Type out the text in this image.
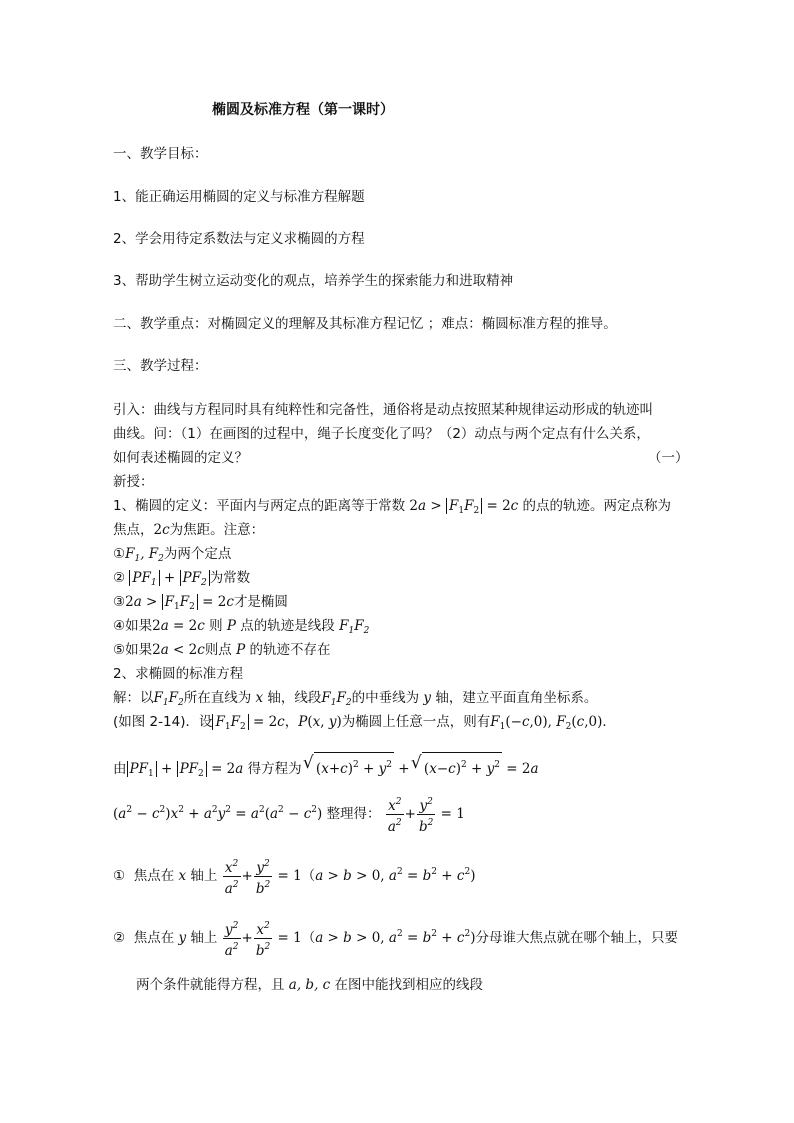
椭圆及标准方程（第一课时）
一、教学目标：
1、能正确运用椭圆的定义与标准方程解题
2、学会用待定系数法与定义求椭圆的方程
3、帮助学生树立运动变化的观点，培养学生的探索能力和进取精神
二、教学重点：对椭圆定义的理解及其标准方程记忆 ；难点：椭圆标准方程的推导。
三、教学过程：
引入：曲线与方程同时具有纯粹性和完备性，通俗将是动点按照某种规律运动形成的轨迹叫
曲线。问：（1）在画图的过程中，绳子长度变化了吗？（2）动点与两个定点有什么关系，
如何表述椭圆的定义？	（一）
新授：
1、椭圆的定义：平面内与两定点的距离等于常数 $2a > F_1F_2 = 2c$ 的点的轨迹。两定点称为
焦点，2c为焦距。注意：
$①F_1$, $F_2$为两个定点
② $PF_1 + PF_2$ 为常数
③2a > $F_1F_2 = 2c$才是椭圆
④如果2a = 2c 则 P 点的轨迹是线段 $F_1F_2$
⑤如果2a < 2c则点 P 的轨迹不存在
2、求椭圆的标准方程
解：以$F_1F_2$所在直线为 x 轴，线段$F_1F_2$的中垂线为 y 轴，建立平面直角坐标系。
(如图 2-14)．设 $F_1F_2 = 2c$，P(x, y)为椭圆上任意一点，则有$F_1(-c,0)$, $F_2(c,0)$．
由 $PF_1 + PF_2 = 2a$ 得方程为 √ $(x+c)^2 + y^2$ + √ $(x-c)^2 + y^2 = 2a$
$(a^2 - c^2)x^2 + a^2y^2 = a^2(a^2 - c^2)$ 整理得： $\frac{x^2}{a^2} + \frac{y^2}{b^2} = 1$
① 焦点在 x 轴上 $\frac{x^2}{a^2} + \frac{y^2}{b^2} = 1(a > b > 0$, $a^2 = b^2 + c^2$)
② 焦点在 y 轴上 $\frac{y^2}{a^2} + \frac{x^2}{b^2} = 1(a > b > 0$, $a^2 = b^2 + c^2$)分母谁大焦点就在哪个轴上，只要
两个条件就能得方程，且 a, b, c 在图中能找到相应的线段
